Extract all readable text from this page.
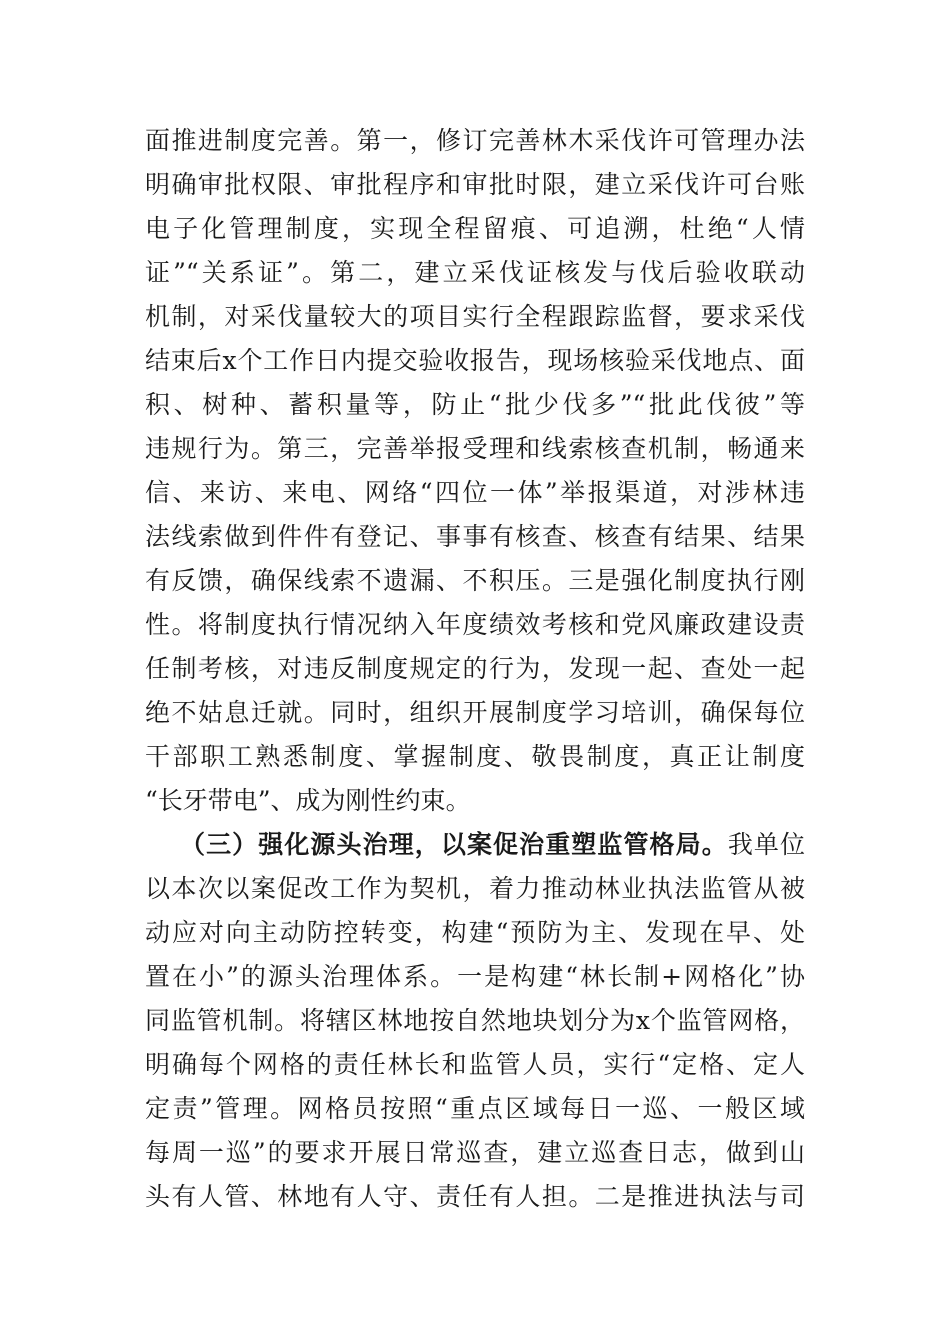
面推进制度完善。第一，修订完善林木采伐许可管理办法
明确审批权限、审批程序和审批时限，建立采伐许可台账
电子化管理制度，实现全程留痕、可追溯，杜绝“人情
证”“关系证”。第二，建立采伐证核发与伐后验收联动
机制，对采伐量较大的项目实行全程跟踪监督，要求采伐
结束后x个工作日内提交验收报告，现场核验采伐地点、面
积、树种、蓄积量等，防止“批少伐多”“批此伐彼”等
违规行为。第三，完善举报受理和线索核查机制，畅通来
信、来访、来电、网络“四位一体”举报渠道，对涉林违
法线索做到件件有登记、事事有核查、核查有结果、结果
有反馈，确保线索不遗漏、不积压。三是强化制度执行刚
性。将制度执行情况纳入年度绩效考核和党风廉政建设责
任制考核，对违反制度规定的行为，发现一起、查处一起
绝不姑息迁就。同时，组织开展制度学习培训，确保每位
干部职工熟悉制度、掌握制度、敬畏制度，真正让制度
“长牙带电”、成为刚性约束。
（三）强化源头治理，以案促治重塑监管格局。我单位
以本次以案促改工作为契机，着力推动林业执法监管从被
动应对向主动防控转变，构建“预防为主、发现在早、处
置在小”的源头治理体系。一是构建“林长制+网格化”协
同监管机制。将辖区林地按自然地块划分为x个监管网格，
明确每个网格的责任林长和监管人员，实行“定格、定人
定责”管理。网格员按照“重点区域每日一巡、一般区域
每周一巡”的要求开展日常巡查，建立巡查日志，做到山
头有人管、林地有人守、责任有人担。二是推进执法与司
